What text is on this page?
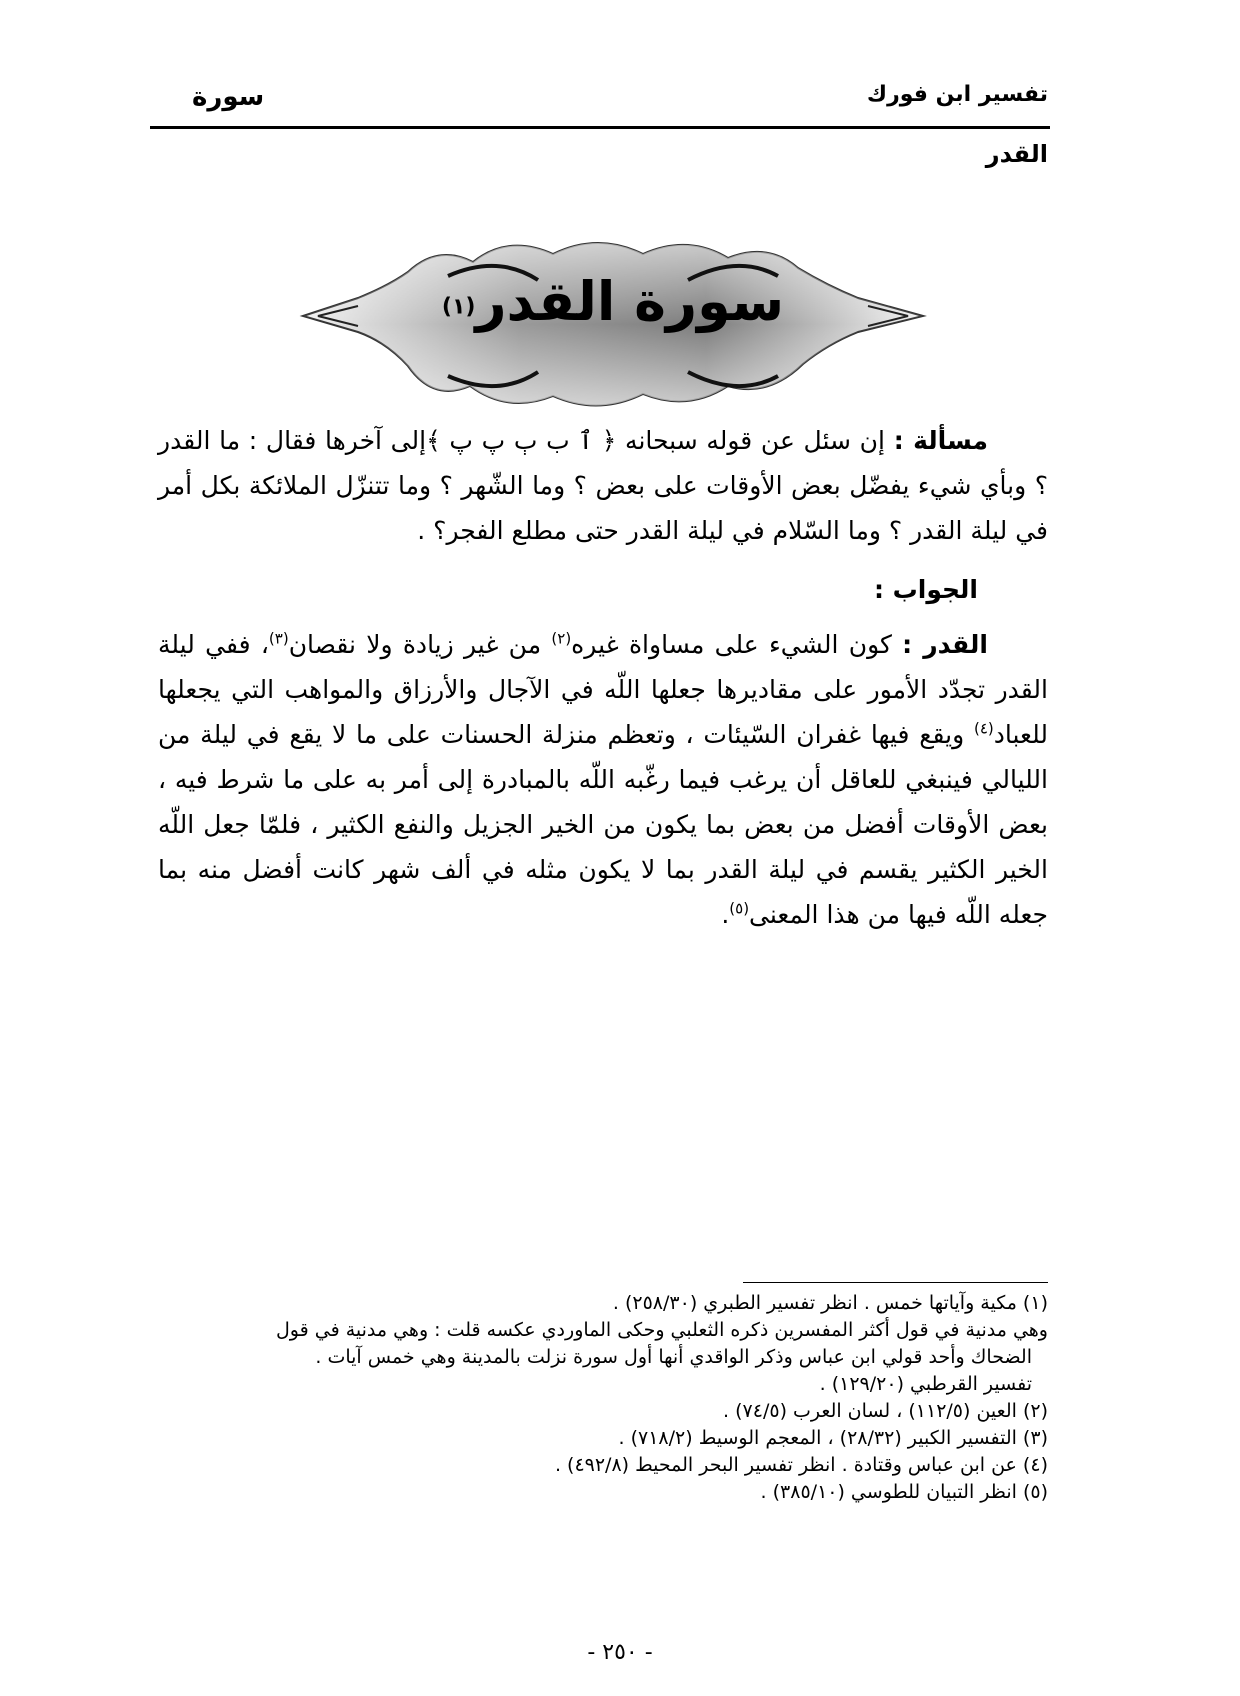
تفسير ابن فورك
سورة
القدر
سورة القدر$^{(١)}$

مسألة : إن سئل عن قوله سبحانه ﴿ ٱ ب ٻ پ پ ﴾إلى آخرها فقال : ما القدر ؟ وبأي شيء يفضّل بعض الأوقات على بعض ؟ وما الشّهر ؟ وما تتنزّل الملائكة بكل أمر في ليلة القدر ؟ وما السّلام في ليلة القدر حتى مطلع الفجر؟ .

الجواب :

القدر : كون الشيء على مساواة غيره$^{(٢)}$ من غير زيادة ولا نقصان$^{(٣)}$، ففي ليلة القدر تجدّد الأمور على مقاديرها جعلها اللّه في الآجال والأرزاق والمواهب التي يجعلها للعباد$^{(٤)}$ ويقع فيها غفران السّيئات ، وتعظم منزلة الحسنات على ما لا يقع في ليلة من الليالي فينبغي للعاقل أن يرغب فيما رغّبه اللّه بالمبادرة إلى أمر به على ما شرط فيه ، بعض الأوقات أفضل من بعض بما يكون من الخير الجزيل والنفع الكثير ، فلمّا جعل اللّه الخير الكثير يقسم في ليلة القدر بما لا يكون مثله في ألف شهر كانت أفضل منه بما جعله اللّه فيها من هذا المعنى$^{(٥)}$.

(١) مكية وآياتها خمس . انظر تفسير الطبري (٢٥٨/٣٠) .
وهي مدنية في قول أكثر المفسرين ذكره الثعلبي وحكى الماوردي عكسه قلت : وهي مدنية في قول
الضحاك وأحد قولي ابن عباس وذكر الواقدي أنها أول سورة نزلت بالمدينة وهي خمس آيات .
تفسير القرطبي (١٢٩/٢٠) .
(٢) العين (١١٢/٥) ، لسان العرب (٧٤/٥) .
(٣) التفسير الكبير (٢٨/٣٢) ، المعجم الوسيط (٧١٨/٢) .
(٤) عن ابن عباس وقتادة . انظر تفسير البحر المحيط (٤٩٢/٨) .
(٥) انظر التبيان للطوسي (٣٨٥/١٠) .
- ٢٥٠ -
